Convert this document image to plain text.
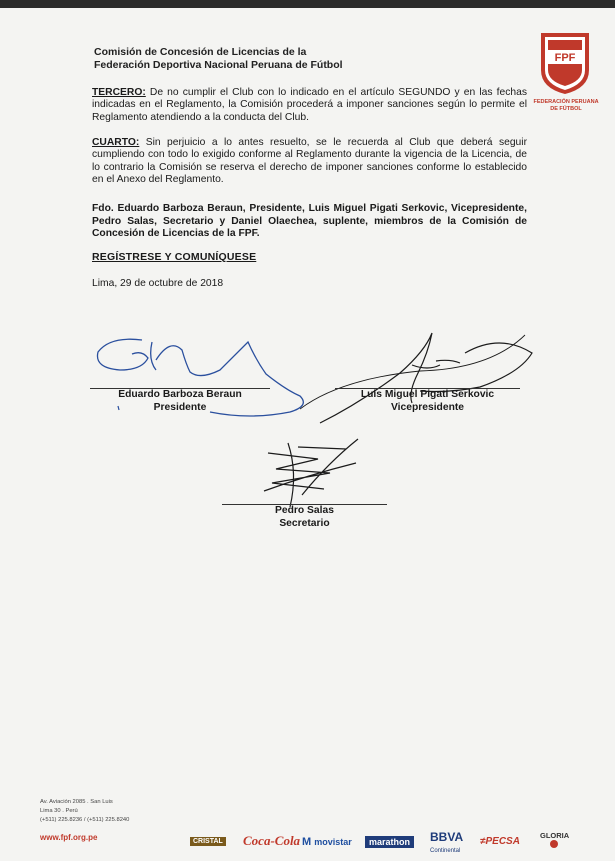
Comisión de Concesión de Licencias de la
Federación Deportiva Nacional Peruana de Fútbol
FPF
FEDERACIÓN PERUANA
DE FÚTBOL
TERCERO: De no cumplir el Club con lo indicado en el artículo SEGUNDO y en las fechas indicadas en el Reglamento, la Comisión procederá a imponer sanciones según lo permite el Reglamento atendiendo a la conducta del Club.
CUARTO: Sin perjuicio a lo antes resuelto, se le recuerda al Club que deberá seguir cumpliendo con todo lo exigido conforme al Reglamento durante la vigencia de la Licencia, de lo contrario la Comisión se reserva el derecho de imponer sanciones conforme lo establecido en el Anexo del Reglamento.
Fdo. Eduardo Barboza Beraun, Presidente, Luis Miguel Pigati Serkovic, Vicepresidente, Pedro Salas, Secretario y Daniel Olaechea, suplente, miembros de la Comisión de Concesión de Licencias de la FPF.
REGÍSTRESE Y COMUNÍQUESE
Lima, 29 de octubre de 2018
Eduardo Barboza Beraun
Presidente
Luis Miguel Pigati Serkovic
Vicepresidente
Pedro Salas
Secretario
Av. Aviación 2085 . San Luis
Lima 30 . Perú
(+511) 225.8236 / (+511) 225.8240
www.fpf.org.pe	CRISTAL Coca-Cola M movistar	marathon	BBVA
Continental
≠PECSA
GLORIA
